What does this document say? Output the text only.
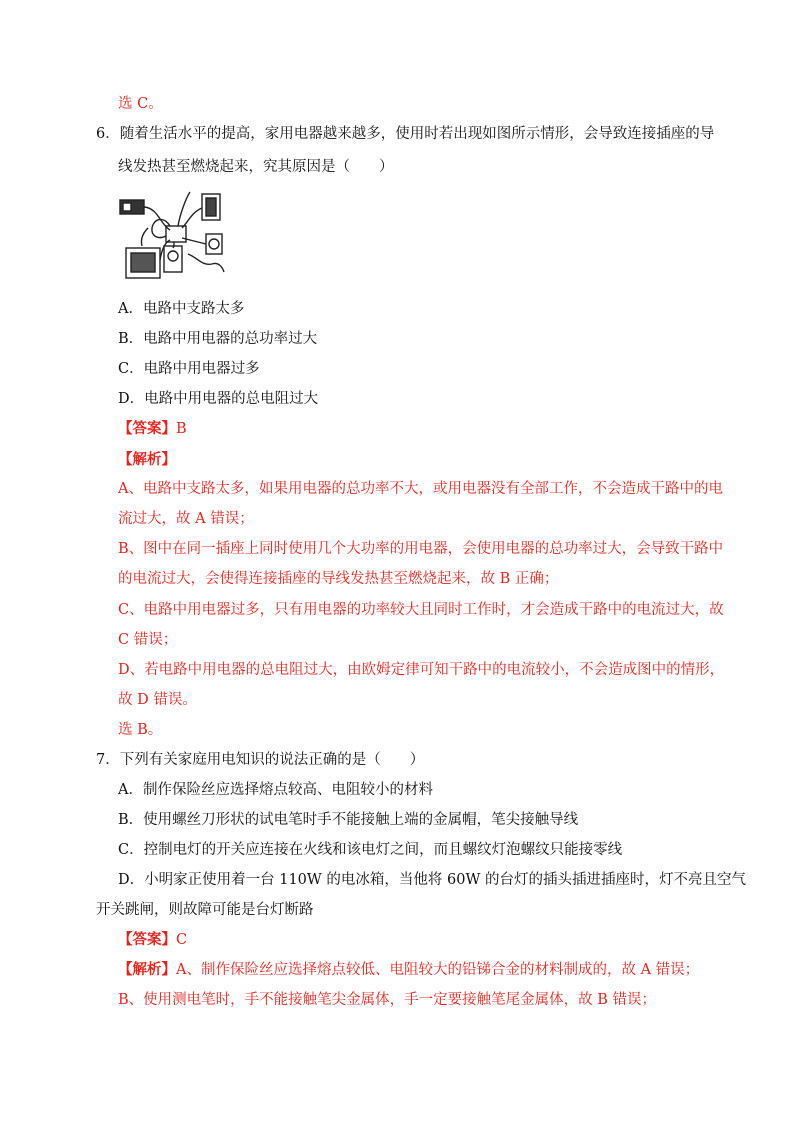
选 C。
6．随着生活水平的提高，家用电器越来越多，使用时若出现如图所示情形，会导致连接插座的导
线发热甚至燃烧起来，究其原因是（　　）
A．电路中支路太多
B．电路中用电器的总功率过大
C．电路中用电器过多
D．电路中用电器的总电阻过大
【答案】B
【解析】
A、电路中支路太多，如果用电器的总功率不大，或用电器没有全部工作，不会造成干路中的电
流过大，故 A 错误；
B、图中在同一插座上同时使用几个大功率的用电器，会使用电器的总功率过大，会导致干路中
的电流过大，会使得连接插座的导线发热甚至燃烧起来，故 B 正确；
C、电路中用电器过多，只有用电器的功率较大且同时工作时，才会造成干路中的电流过大，故
C 错误；
D、若电路中用电器的总电阻过大，由欧姆定律可知干路中的电流较小，不会造成图中的情形，
故 D 错误。
选 B。
7．下列有关家庭用电知识的说法正确的是（　　）
A．制作保险丝应选择熔点较高、电阻较小的材料
B．使用螺丝刀形状的试电笔时手不能接触上端的金属帽，笔尖接触导线
C．控制电灯的开关应连接在火线和该电灯之间，而且螺纹灯泡螺纹只能接零线
D．小明家正使用着一台 110W 的电冰箱，当他将 60W 的台灯的插头插进插座时，灯不亮且空气
开关跳闸，则故障可能是台灯断路
【答案】C
【解析】A、制作保险丝应选择熔点较低、电阻较大的铅锑合金的材料制成的，故 A 错误；
B、使用测电笔时，手不能接触笔尖金属体，手一定要接触笔尾金属体，故 B 错误；
